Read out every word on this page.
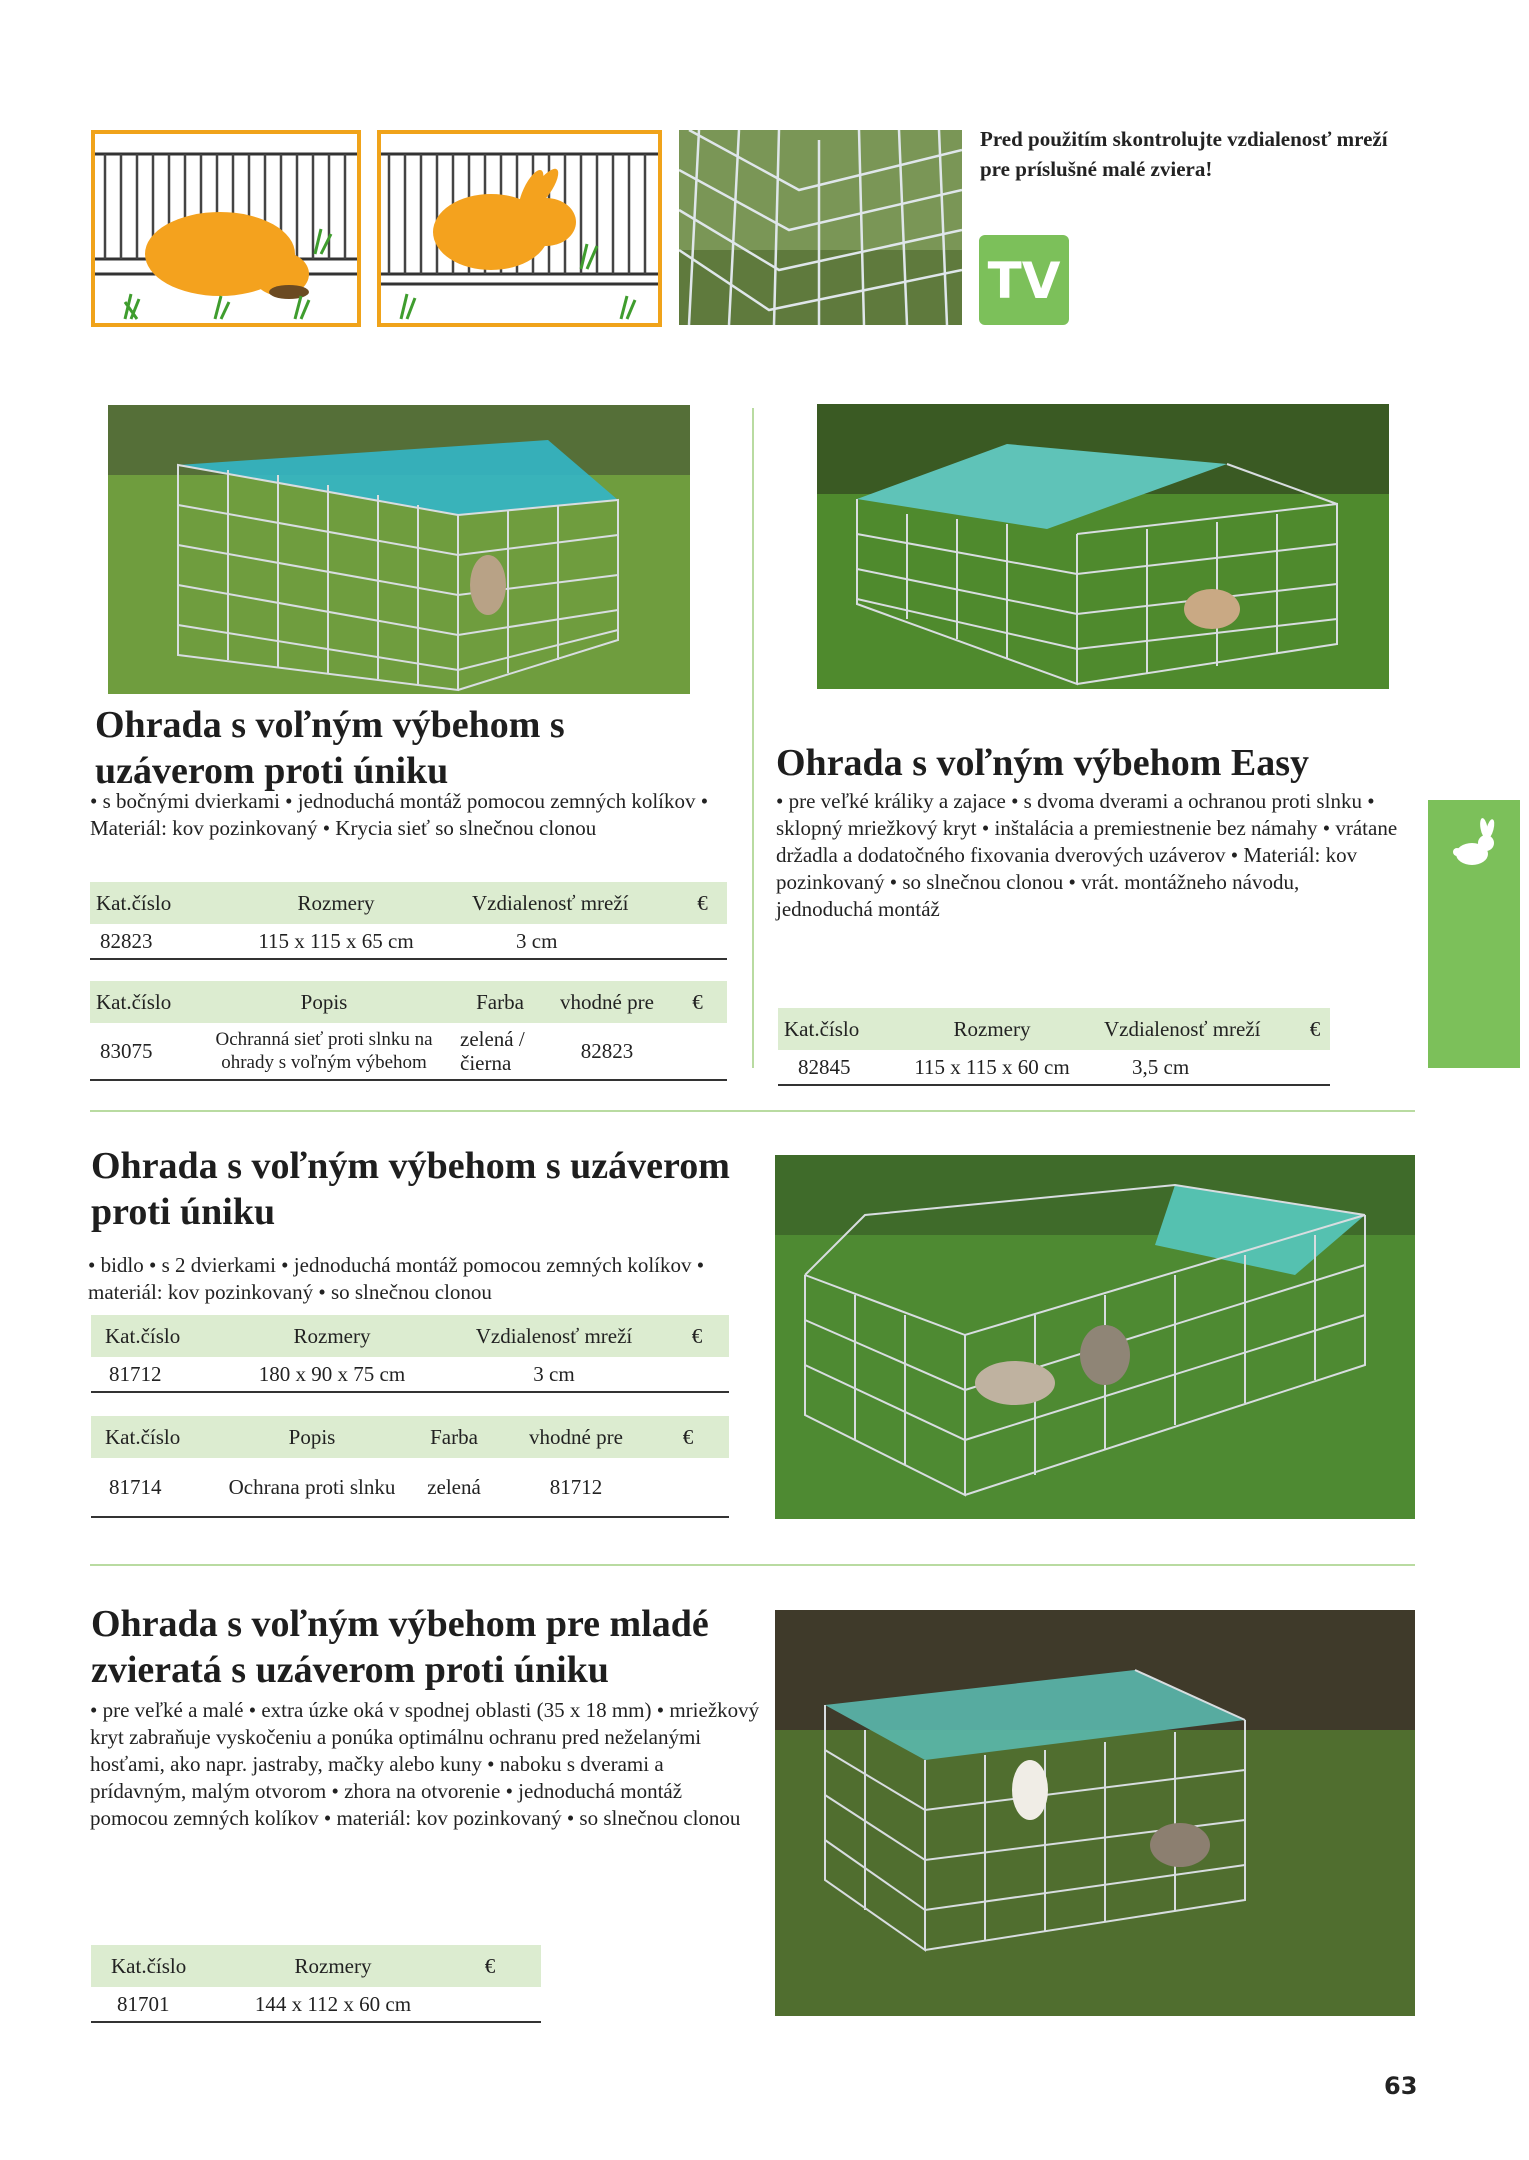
Pred použitím skontrolujte vzdialenosť mreží pre príslušné malé zviera!
TV
Ohrada s voľným výbehom s uzáverom proti úniku
• s bočnými dvierkami • jednoduchá montáž pomocou zemných kolíkov • Materiál: kov pozinkovaný • Krycia sieť so slnečnou clonou
Kat.číslo	Rozmery	Vzdialenosť mreží	€
82823	115 x 115 x 65 cm	3 cm	
Kat.číslo	Popis	Farba	vhodné pre	€
83075	Ochranná sieť proti slnku na ohrady s voľným výbehom	zelená / čierna	82823	
Ohrada s voľným výbehom Easy
• pre veľké králiky a zajace • s dvoma dverami a ochranou proti slnku • sklopný mriežkový kryt • inštalácia a premiestnenie bez námahy • vrátane držadla a dodatočného fixovania dverových uzáverov • Materiál: kov pozinkovaný • so slnečnou clonou • vrát. montážneho návodu, jednoduchá montáž
Kat.číslo	Rozmery	Vzdialenosť mreží	€
82845	115 x 115 x 60 cm	3,5 cm	
Ohrada s voľným výbehom s uzáverom proti úniku
• bidlo • s 2 dvierkami • jednoduchá montáž pomocou zemných kolíkov • materiál: kov pozinkovaný • so slnečnou clonou
Kat.číslo	Rozmery	Vzdialenosť mreží	€
81712	180 x 90 x 75 cm	3 cm	
Kat.číslo	Popis	Farba	vhodné pre	€
81714	Ochrana proti slnku	zelená	81712	
Ohrada s voľným výbehom pre mladé zvieratá s uzáverom proti úniku
• pre veľké a malé • extra úzke oká v spodnej oblasti (35 x 18 mm) • mriežkový kryt zabraňuje vyskočeniu a ponúka optimálnu ochranu pred neželanými hosťami, ako napr. jastraby, mačky alebo kuny • naboku s dverami a prídavným, malým otvorom • zhora na otvorenie • jednoduchá montáž pomocou zemných kolíkov • materiál: kov pozinkovaný • so slnečnou clonou
Kat.číslo	Rozmery	€
81701	144 x 112 x 60 cm	
63
